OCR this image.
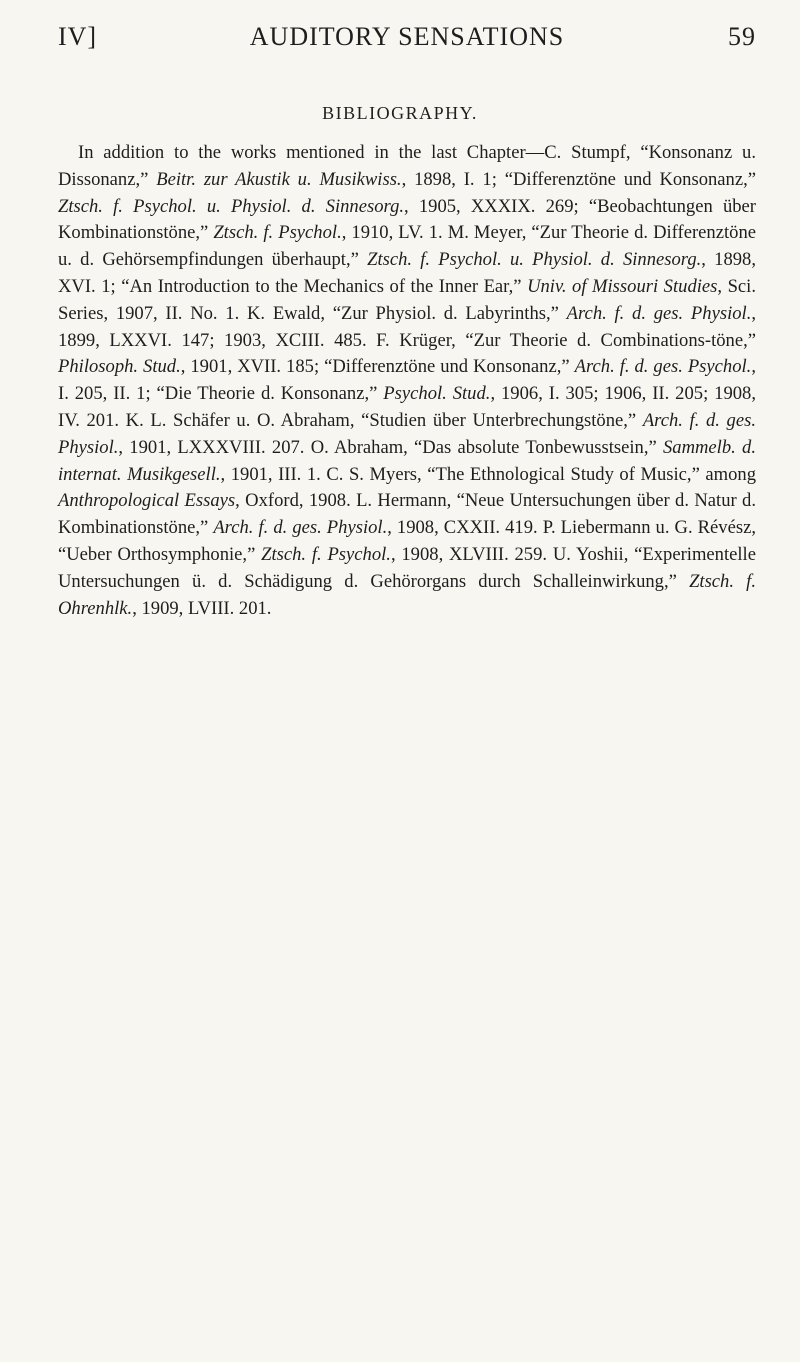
IV]	AUDITORY SENSATIONS	59
BIBLIOGRAPHY.

In addition to the works mentioned in the last Chapter—C. Stumpf, “Konsonanz u. Dissonanz,” Beitr. zur Akustik u. Musikwiss., 1898, I. 1; “Differenztöne und Konsonanz,” Ztsch. f. Psychol. u. Physiol. d. Sinnesorg., 1905, XXXIX. 269; “Beobachtungen über Kombinationstöne,” Ztsch. f. Psychol., 1910, LV. 1. M. Meyer, “Zur Theorie d. Differenztöne u. d. Gehörsempfindungen überhaupt,” Ztsch. f. Psychol. u. Physiol. d. Sinnesorg., 1898, XVI. 1; “An Introduction to the Mechanics of the Inner Ear,” Univ. of Missouri Studies, Sci. Series, 1907, II. No. 1. K. Ewald, “Zur Physiol. d. Labyrinths,” Arch. f. d. ges. Physiol., 1899, LXXVI. 147; 1903, XCIII. 485. F. Krüger, “Zur Theorie d. Combinations-töne,” Philosoph. Stud., 1901, XVII. 185; “Differenztöne und Konsonanz,” Arch. f. d. ges. Psychol., I. 205, II. 1; “Die Theorie d. Konsonanz,” Psychol. Stud., 1906, I. 305; 1906, II. 205; 1908, IV. 201. K. L. Schäfer u. O. Abraham, “Studien über Unterbrechungstöne,” Arch. f. d. ges. Physiol., 1901, LXXXVIII. 207. O. Abraham, “Das absolute Tonbewusstsein,” Sammelb. d. internat. Musikgesell., 1901, III. 1. C. S. Myers, “The Ethnological Study of Music,” among Anthropological Essays, Oxford, 1908. L. Hermann, “Neue Untersuchungen über d. Natur d. Kombinationstöne,” Arch. f. d. ges. Physiol., 1908, CXXII. 419. P. Liebermann u. G. Révész, “Ueber Orthosymphonie,” Ztsch. f. Psychol., 1908, XLVIII. 259. U. Yoshii, “Experimentelle Untersuchungen ü. d. Schädigung d. Gehörorgans durch Schalleinwirkung,” Ztsch. f. Ohrenhlk., 1909, LVIII. 201.
